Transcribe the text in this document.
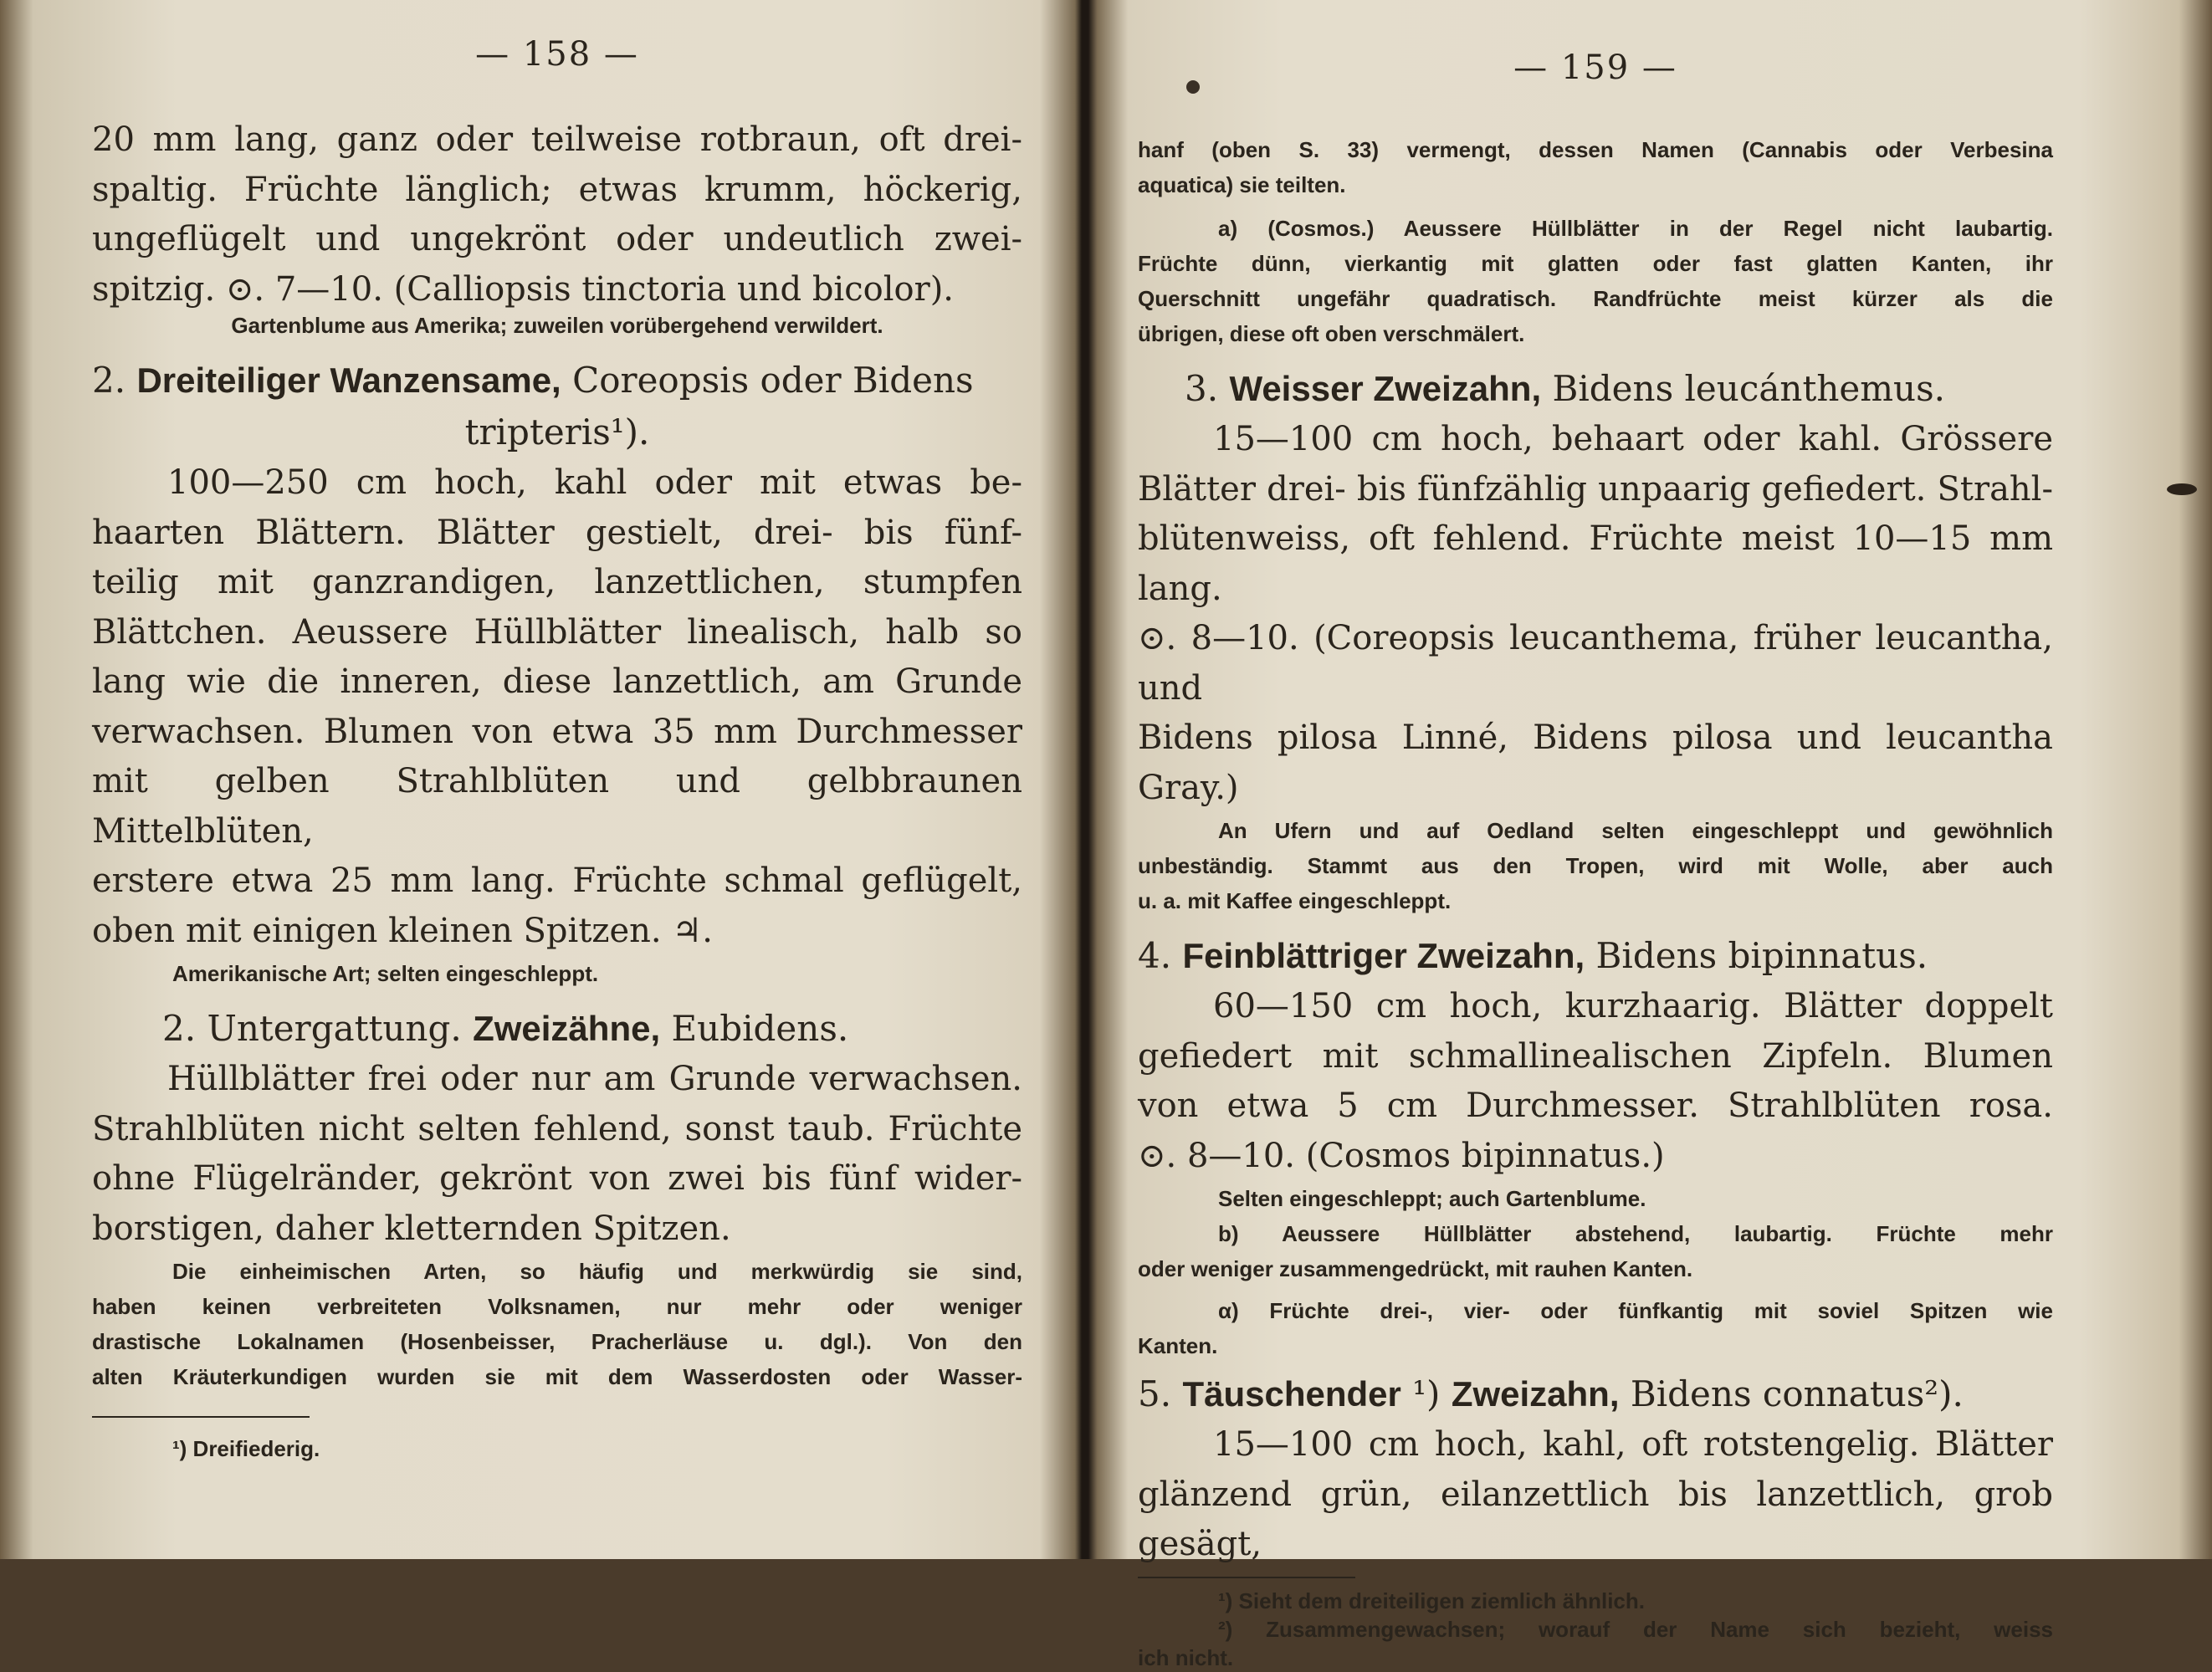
— 158 —

20 mm lang, ganz oder teilweise rotbraun, oft drei-

spaltig. Früchte länglich; etwas krumm, höckerig,

ungeflügelt und ungekrönt oder undeutlich zwei-

spitzig. ⊙. 7—10. (Calliopsis tinctoria und bicolor).

Gartenblume aus Amerika; zuweilen vorübergehend verwildert.

2. Dreiteiliger Wanzensame, Coreopsis oder Bidens

tripteris¹).

100—250 cm hoch, kahl oder mit etwas be-

haarten Blättern. Blätter gestielt, drei- bis fünf-

teilig mit ganzrandigen, lanzettlichen, stumpfen

Blättchen. Aeussere Hüllblätter linealisch, halb so

lang wie die inneren, diese lanzettlich, am Grunde

verwachsen. Blumen von etwa 35 mm Durchmesser

mit gelben Strahlblüten und gelbbraunen Mittelblüten,

erstere etwa 25 mm lang. Früchte schmal geflügelt,

oben mit einigen kleinen Spitzen. ♃.

Amerikanische Art; selten eingeschleppt.

2. Untergattung. Zweizähne, Eubidens.

Hüllblätter frei oder nur am Grunde verwachsen.

Strahlblüten nicht selten fehlend, sonst taub. Früchte

ohne Flügelränder, gekrönt von zwei bis fünf wider-

borstigen, daher kletternden Spitzen.

Die einheimischen Arten, so häufig und merkwürdig sie sind,

haben keinen verbreiteten Volksnamen, nur mehr oder weniger

drastische Lokalnamen (Hosenbeisser, Pracherläuse u. dgl.). Von den

alten Kräuterkundigen wurden sie mit dem Wasserdosten oder Wasser-

¹) Dreifiederig.

— 159 —

hanf (oben S. 33) vermengt, dessen Namen (Cannabis oder Verbesina

aquatica) sie teilten.

a) (Cosmos.) Aeussere Hüllblätter in der Regel nicht laubartig.

Früchte dünn, vierkantig mit glatten oder fast glatten Kanten, ihr

Querschnitt ungefähr quadratisch. Randfrüchte meist kürzer als die

übrigen, diese oft oben verschmälert.

3. Weisser Zweizahn, Bidens leucánthemus.

15—100 cm hoch, behaart oder kahl. Grössere

Blätter drei- bis fünfzählig unpaarig gefiedert. Strahl-

blütenweiss, oft fehlend. Früchte meist 10—15 mm lang.

⊙. 8—10. (Coreopsis leucanthema, früher leucantha, und

Bidens pilosa Linné, Bidens pilosa und leucantha Gray.)

An Ufern und auf Oedland selten eingeschleppt und gewöhnlich

unbeständig. Stammt aus den Tropen, wird mit Wolle, aber auch

u. a. mit Kaffee eingeschleppt.

4. Feinblättriger Zweizahn, Bidens bipinnatus.

60—150 cm hoch, kurzhaarig. Blätter doppelt

gefiedert mit schmallinealischen Zipfeln. Blumen

von etwa 5 cm Durchmesser. Strahlblüten rosa.

⊙. 8—10. (Cosmos bipinnatus.)

Selten eingeschleppt; auch Gartenblume.

b) Aeussere Hüllblätter abstehend, laubartig. Früchte mehr

oder weniger zusammengedrückt, mit rauhen Kanten.

α) Früchte drei-, vier- oder fünfkantig mit soviel Spitzen wie

Kanten.

5. Täuschender ¹) Zweizahn, Bidens connatus²).

15—100 cm hoch, kahl, oft rotstengelig. Blätter

glänzend grün, eilanzettlich bis lanzettlich, grob gesägt,

¹) Sieht dem dreiteiligen ziemlich ähnlich.

²) Zusammengewachsen; worauf der Name sich bezieht, weiss

ich nicht.
